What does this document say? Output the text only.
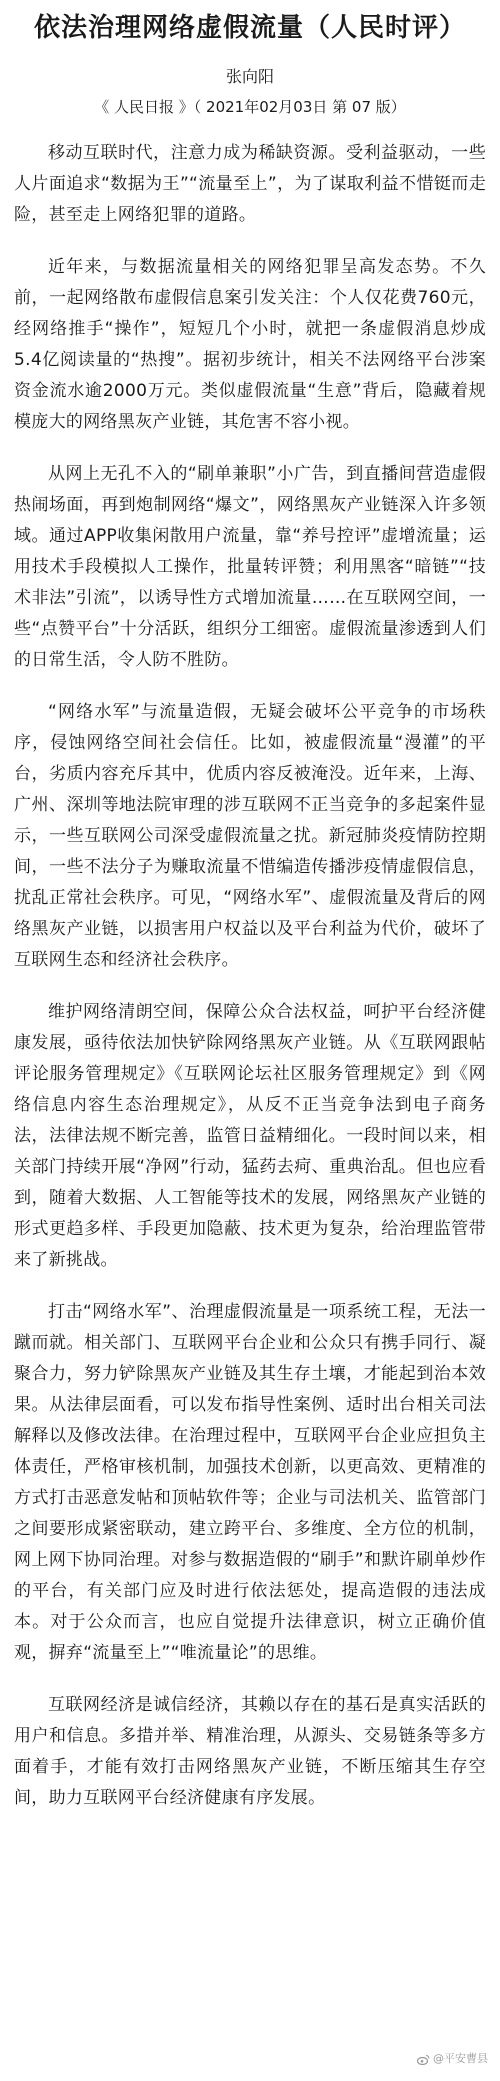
依法治理网络虚假流量（人民时评）
张向阳
《 人民日报 》（ 2021年02月03日 第 07 版）

移动互联时代，注意力成为稀缺资源。受利益驱动，一些人片面追求“数据为王”“流量至上”，为了谋取利益不惜铤而走险，甚至走上网络犯罪的道路。

近年来，与数据流量相关的网络犯罪呈高发态势。不久前，一起网络散布虚假信息案引发关注：个人仅花费760元，经网络推手“操作”，短短几个小时，就把一条虚假消息炒成5.4亿阅读量的“热搜”。据初步统计，相关不法网络平台涉案资金流水逾2000万元。类似虚假流量“生意”背后，隐藏着规模庞大的网络黑灰产业链，其危害不容小视。

从网上无孔不入的“刷单兼职”小广告，到直播间营造虚假热闹场面，再到炮制网络“爆文”，网络黑灰产业链深入许多领域。通过APP收集闲散用户流量，靠“养号控评”虚增流量；运用技术手段模拟人工操作，批量转评赞；利用黑客“暗链”“技术非法”引流”，以诱导性方式增加流量……在互联网空间，一些“点赞平台”十分活跃，组织分工细密。虚假流量渗透到人们的日常生活，令人防不胜防。

“网络水军”与流量造假，无疑会破坏公平竞争的市场秩序，侵蚀网络空间社会信任。比如，被虚假流量“漫灌”的平台，劣质内容充斥其中，优质内容反被淹没。近年来，上海、广州、深圳等地法院审理的涉互联网不正当竞争的多起案件显示，一些互联网公司深受虚假流量之扰。新冠肺炎疫情防控期间，一些不法分子为赚取流量不惜编造传播涉疫情虚假信息，扰乱正常社会秩序。可见，“网络水军”、虚假流量及背后的网络黑灰产业链，以损害用户权益以及平台利益为代价，破坏了互联网生态和经济社会秩序。

维护网络清朗空间，保障公众合法权益，呵护平台经济健康发展，亟待依法加快铲除网络黑灰产业链。从《互联网跟帖评论服务管理规定》《互联网论坛社区服务管理规定》到《网络信息内容生态治理规定》，从反不正当竞争法到电子商务法，法律法规不断完善，监管日益精细化。一段时间以来，相关部门持续开展“净网”行动，猛药去疴、重典治乱。但也应看到，随着大数据、人工智能等技术的发展，网络黑灰产业链的形式更趋多样、手段更加隐蔽、技术更为复杂，给治理监管带来了新挑战。

打击“网络水军”、治理虚假流量是一项系统工程，无法一蹴而就。相关部门、互联网平台企业和公众只有携手同行、凝聚合力，努力铲除黑灰产业链及其生存土壤，才能起到治本效果。从法律层面看，可以发布指导性案例、适时出台相关司法解释以及修改法律。在治理过程中，互联网平台企业应担负主体责任，严格审核机制，加强技术创新，以更高效、更精准的方式打击恶意发帖和顶帖软件等；企业与司法机关、监管部门之间要形成紧密联动，建立跨平台、多维度、全方位的机制，网上网下协同治理。对参与数据造假的“刷手”和默许刷单炒作的平台，有关部门应及时进行依法惩处，提高造假的违法成本。对于公众而言，也应自觉提升法律意识，树立正确价值观，摒弃“流量至上”“唯流量论”的思维。

互联网经济是诚信经济，其赖以存在的基石是真实活跃的用户和信息。多措并举、精准治理，从源头、交易链条等多方面着手，才能有效打击网络黑灰产业链，不断压缩其生存空间，助力互联网平台经济健康有序发展。

@平安曹县
